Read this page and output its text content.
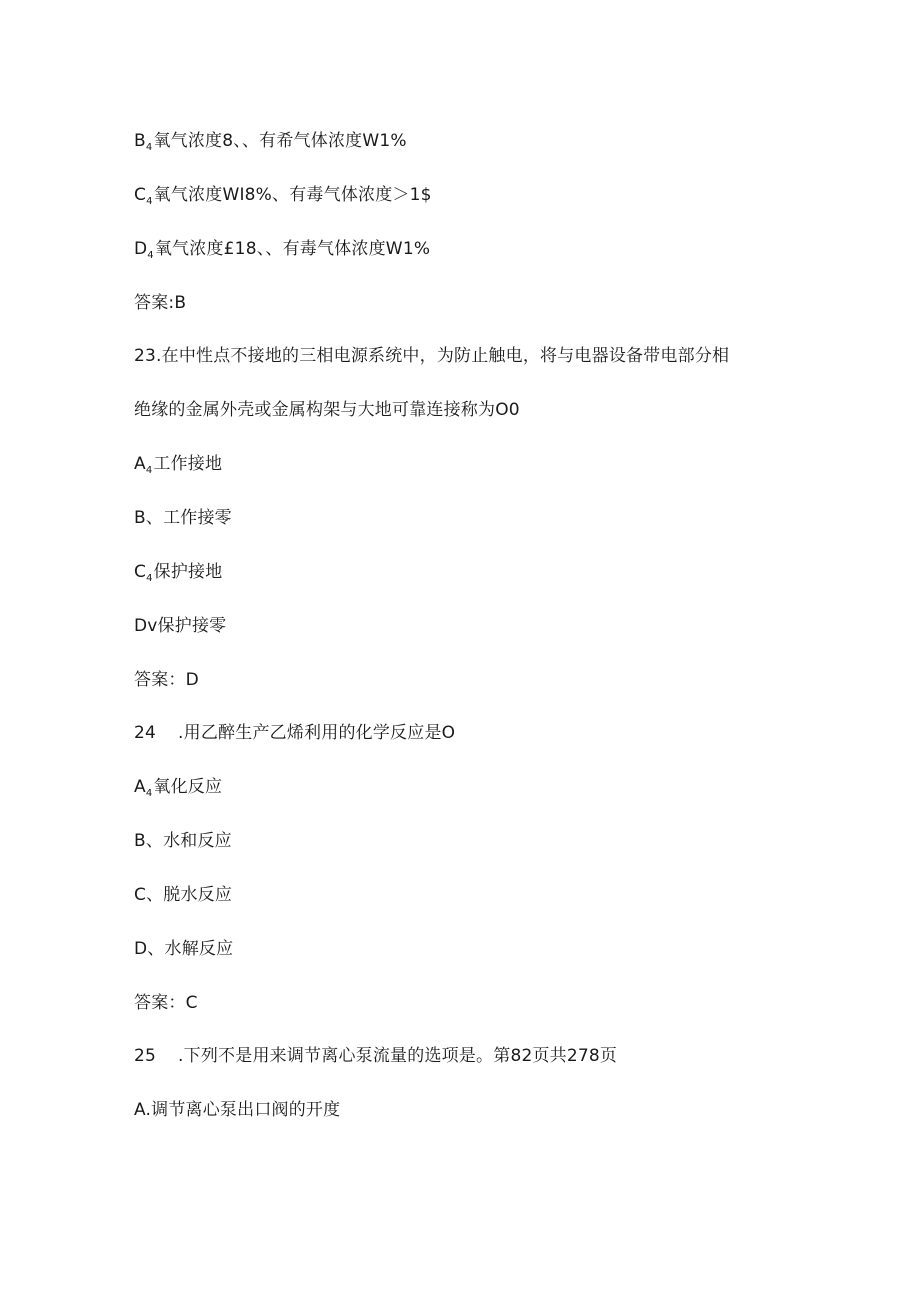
$B_4$氧气浓度8、、有希气体浓度W1%
$C_4$氧气浓度WI8%、有毒气体浓度＞1$
$D_4$氧气浓度£18、、有毒气体浓度W1%
答案:B
23.在中性点不接地的三相电源系统中，为防止触电，将与电器设备带电部分相
绝缘的金属外壳或金属构架与大地可靠连接称为O0
$A_4$工作接地
B、工作接零
$C_4$保护接地
Dv保护接零
答案：D
24 .用乙醉生产乙烯利用的化学反应是O
$A_4$氧化反应
B、水和反应
C、脱水反应
D、水解反应
答案：C
25 .下列不是用来调节离心泵流量的选项是。第82页共278页
A.调节离心泵出口阀的开度
